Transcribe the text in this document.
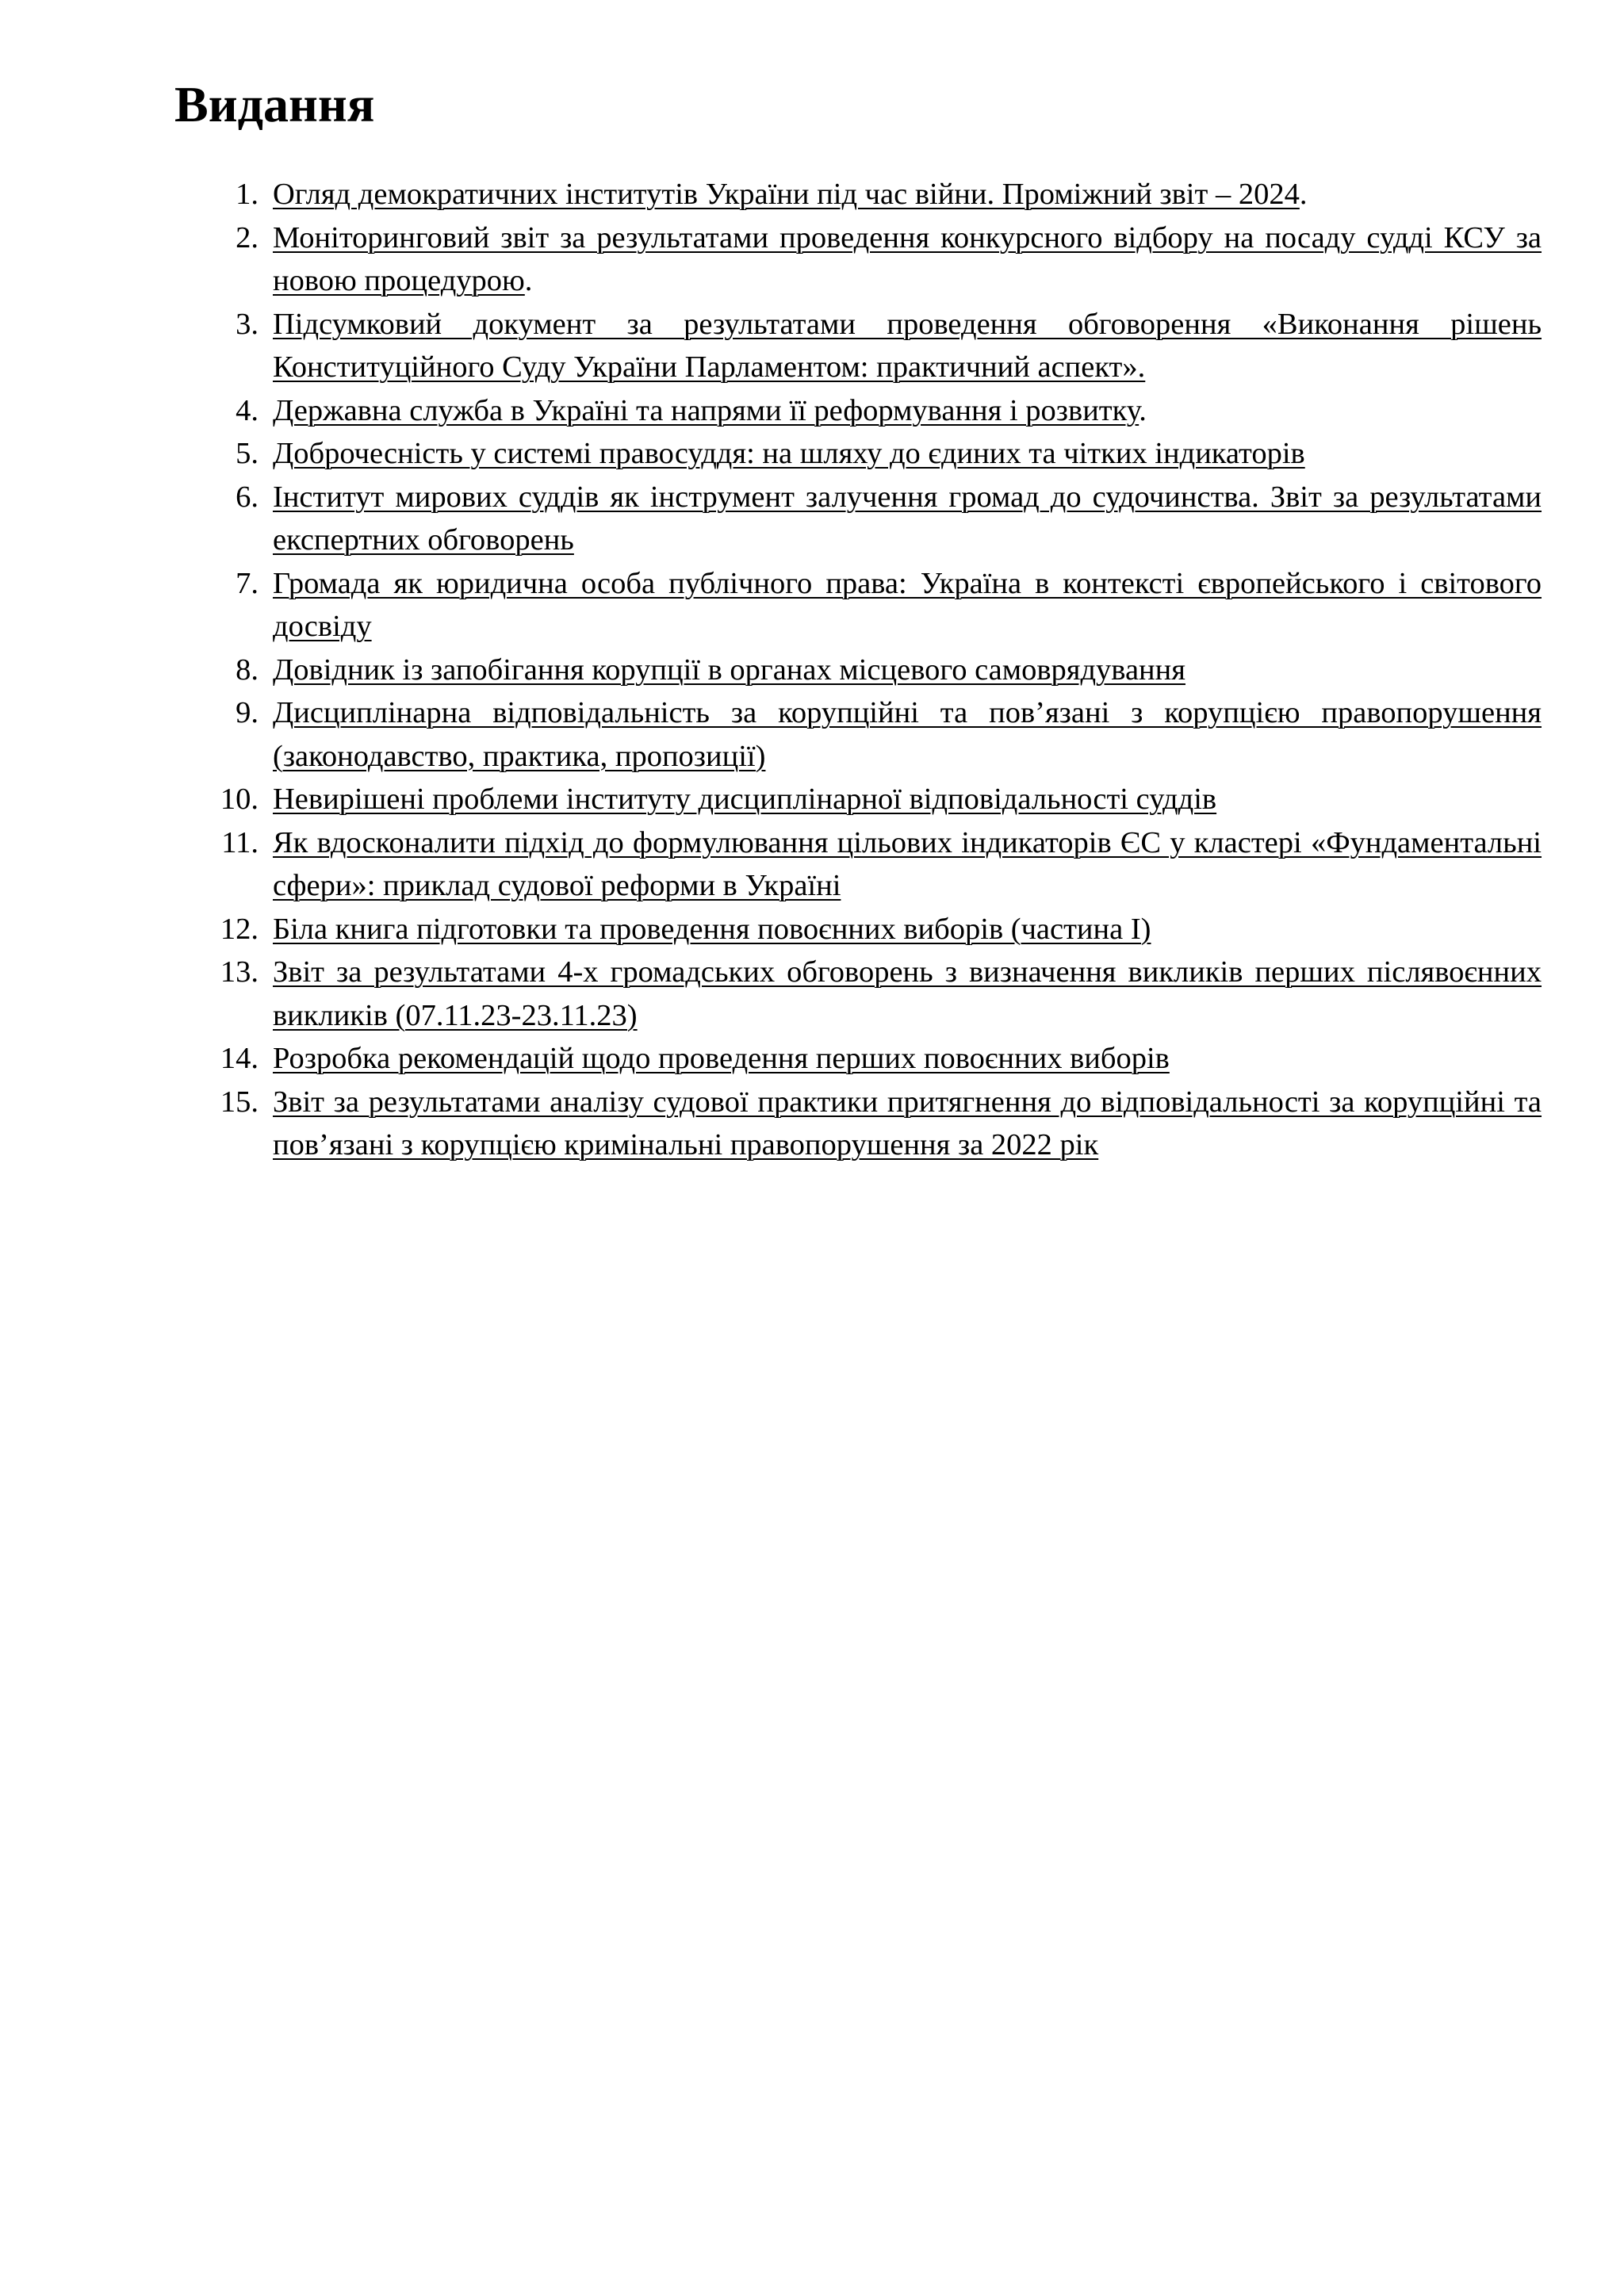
Видання
1. Огляд демократичних інститутів України під час війни. Проміжний звіт – 2024.
2. Моніторинговий звіт за результатами проведення конкурсного відбору на посаду судді КСУ за новою процедурою.
3. Підсумковий документ за результатами проведення обговорення «Виконання рішень Конституційного Суду України Парламентом: практичний аспект».
4. Державна служба в Україні та напрями її реформування і розвитку.
5. Доброчесність у системі правосуддя: на шляху до єдиних та чітких індикаторів
6. Інститут мирових суддів як інструмент залучення громад до судочинства. Звіт за результатами експертних обговорень
7. Громада як юридична особа публічного права: Україна в контексті європейського і світового досвіду
8. Довідник із запобігання корупції в органах місцевого самоврядування
9. Дисциплінарна відповідальність за корупційні та пов’язані з корупцією правопорушення (законодавство, практика, пропозиції)
10. Невирішені проблеми інституту дисциплінарної відповідальності суддів
11. Як вдосконалити підхід до формулювання цільових індикаторів ЄС у кластері «Фундаментальні сфери»: приклад судової реформи в Україні
12. Біла книга підготовки та проведення повоєнних виборів (частина І)
13. Звіт за результатами 4-х громадських обговорень з визначення викликів перших післявоєнних викликів (07.11.23-23.11.23)
14. Розробка рекомендацій щодо проведення перших повоєнних виборів
15. Звіт за результатами аналізу судової практики притягнення до відповідальності за корупційні та пов’язані з корупцією кримінальні правопорушення за 2022 рік
